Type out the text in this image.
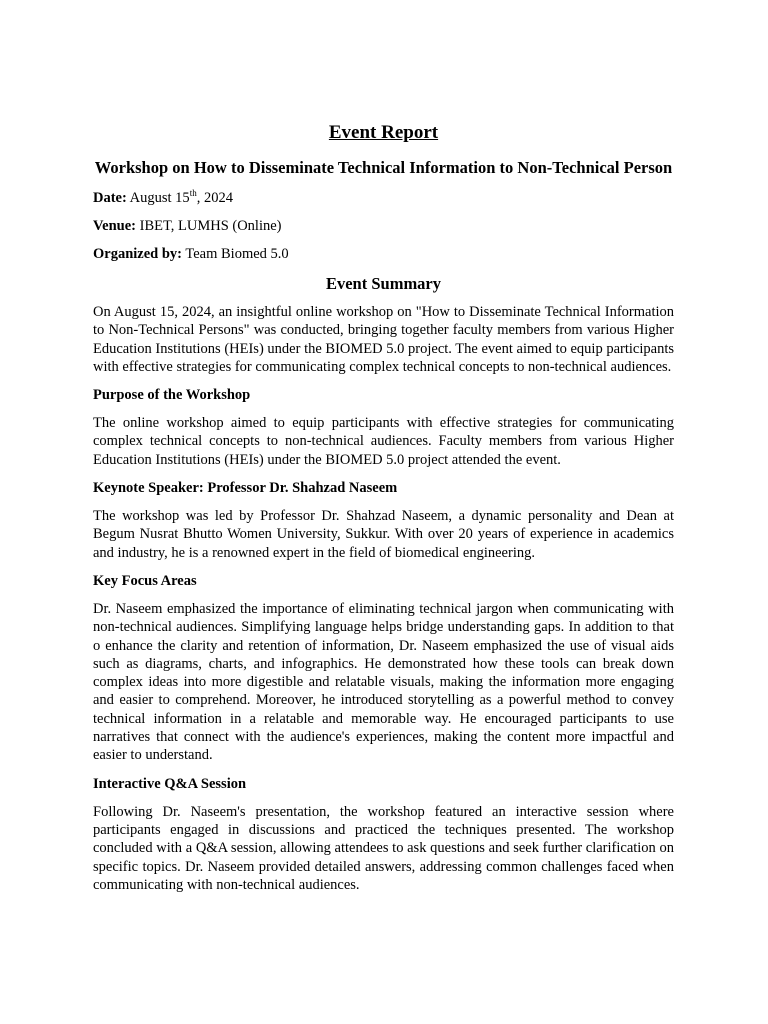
Event Report
Workshop on How to Disseminate Technical Information to Non-Technical Person

Date: August 15th, 2024

Venue: IBET, LUMHS (Online)

Organized by: Team Biomed 5.0

Event Summary

On August 15, 2024, an insightful online workshop on "How to Disseminate Technical Information to Non-Technical Persons" was conducted, bringing together faculty members from various Higher Education Institutions (HEIs) under the BIOMED 5.0 project. The event aimed to equip participants with effective strategies for communicating complex technical concepts to non-technical audiences.

Purpose of the Workshop

The online workshop aimed to equip participants with effective strategies for communicating complex technical concepts to non-technical audiences. Faculty members from various Higher Education Institutions (HEIs) under the BIOMED 5.0 project attended the event.

Keynote Speaker: Professor Dr. Shahzad Naseem

The workshop was led by Professor Dr. Shahzad Naseem, a dynamic personality and Dean at Begum Nusrat Bhutto Women University, Sukkur. With over 20 years of experience in academics and industry, he is a renowned expert in the field of biomedical engineering.

Key Focus Areas

Dr. Naseem emphasized the importance of eliminating technical jargon when communicating with non-technical audiences. Simplifying language helps bridge understanding gaps. In addition to that o enhance the clarity and retention of information, Dr. Naseem emphasized the use of visual aids such as diagrams, charts, and infographics. He demonstrated how these tools can break down complex ideas into more digestible and relatable visuals, making the information more engaging and easier to comprehend. Moreover, he introduced storytelling as a powerful method to convey technical information in a relatable and memorable way. He encouraged participants to use narratives that connect with the audience's experiences, making the content more impactful and easier to understand.

Interactive Q&A Session

Following Dr. Naseem's presentation, the workshop featured an interactive session where participants engaged in discussions and practiced the techniques presented. The workshop concluded with a Q&A session, allowing attendees to ask questions and seek further clarification on specific topics. Dr. Naseem provided detailed answers, addressing common challenges faced when communicating with non-technical audiences.
